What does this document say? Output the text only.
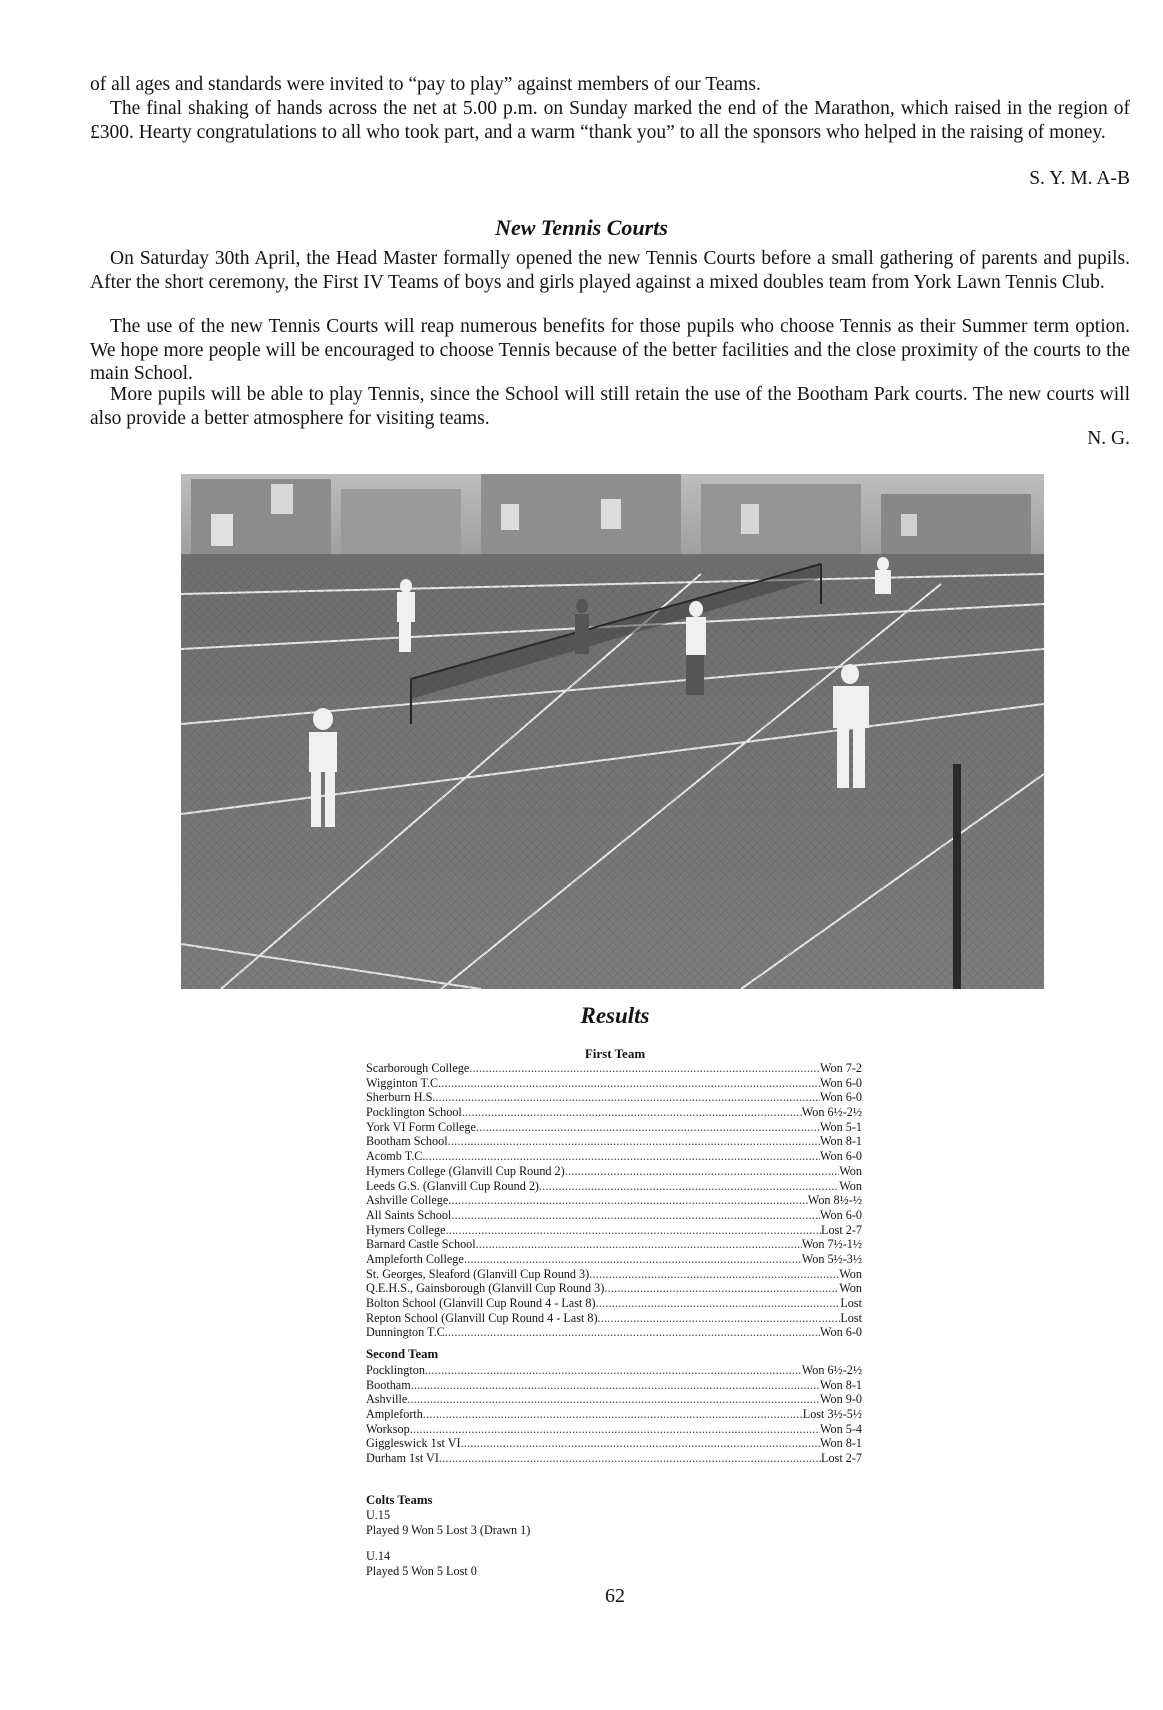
of all ages and standards were invited to “pay to play” against members of our Teams.

The final shaking of hands across the net at 5.00 p.m. on Sunday marked the end of the Marathon, which raised in the region of £300. Hearty congratulations to all who took part, and a warm “thank you” to all the sponsors who helped in the raising of money.

S. Y. M. A-B
New Tennis Courts

On Saturday 30th April, the Head Master formally opened the new Tennis Courts before a small gathering of parents and pupils. After the short ceremony, the First IV Teams of boys and girls played against a mixed doubles team from York Lawn Tennis Club.

The use of the new Tennis Courts will reap numerous benefits for those pupils who choose Tennis as their Summer term option. We hope more people will be encouraged to choose Tennis because of the better facilities and the close proximity of the courts to the main School.

More pupils will be able to play Tennis, since the School will still retain the use of the Bootham Park courts. The new courts will also provide a better atmosphere for visiting teams.

N. G.
Results
First Team
Scarborough College .....	Won 7-2
Wigginton T.C. .....	Won 6-0
Sherburn H.S. .....	Won 6-0
Pocklington School .....	Won 6½-2½
York VI Form College .....	Won 5-1
Bootham School .....	Won 8-1
Acomb T.C. .....	Won 6-0
Hymers College (Glanvill Cup Round 2) .....	Won
Leeds G.S. (Glanvill Cup Round 2) .....	Won
Ashville College .....	Won 8½-½
All Saints School .....	Won 6-0
Hymers College .....	Lost 2-7
Barnard Castle School .....	Won 7½-1½
Ampleforth College .....	Won 5½-3½
St. Georges, Sleaford (Glanvill Cup Round 3) .....	Won
Q.E.H.S., Gainsborough (Glanvill Cup Round 3) .....	Won
Bolton School (Glanvill Cup Round 4 - Last 8) .....	Lost
Repton School (Glanvill Cup Round 4 - Last 8) .....	Lost
Dunnington T.C. .....	Won 6-0
Second Team
Pocklington .....	Won 6½-2½
Bootham .....	Won 8-1
Ashville .....	Won 9-0
Ampleforth .....	Lost 3½-5½
Worksop .....	Won 5-4
Giggleswick 1st VI .....	Won 8-1
Durham 1st VI .....	Lost 2-7
Colts Teams
U.15
Played 9 Won 5 Lost 3 (Drawn 1)
U.14
Played 5 Won 5 Lost 0
62
